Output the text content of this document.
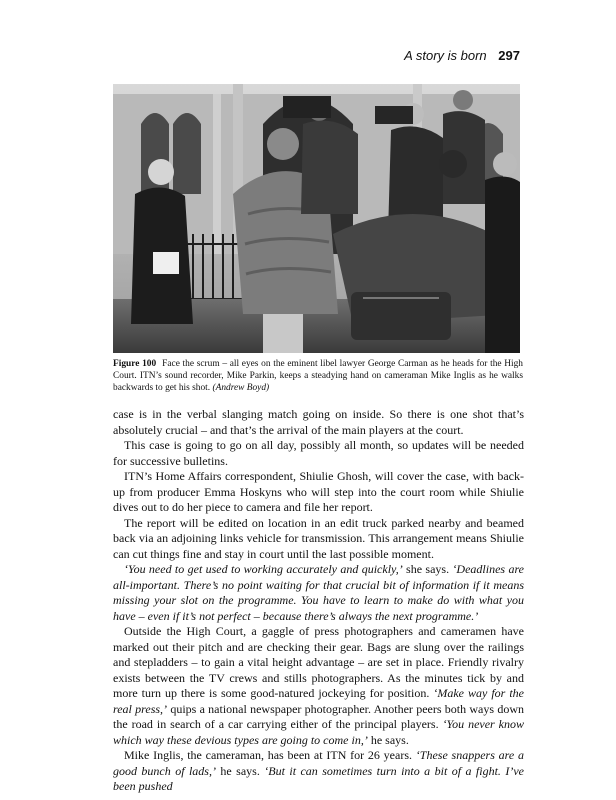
A story is born 297
Figure 100 Face the scrum – all eyes on the eminent libel lawyer George Carman as he heads for the High Court. ITN’s sound recorder, Mike Parkin, keeps a steadying hand on cameraman Mike Inglis as he walks backwards to get his shot. (Andrew Boyd)

case is in the verbal slanging match going on inside. So there is one shot that’s absolutely crucial – and that’s the arrival of the main players at the court.

This case is going to go on all day, possibly all month, so updates will be needed for successive bulletins.

ITN’s Home Affairs correspondent, Shiulie Ghosh, will cover the case, with back-up from producer Emma Hoskyns who will step into the court room while Shiulie dives out to do her piece to camera and file her report.

The report will be edited on location in an edit truck parked nearby and beamed back via an adjoining links vehicle for transmission. This arrangement means Shiulie can cut things fine and stay in court until the last possible moment.

‘You need to get used to working accurately and quickly,’ she says. ‘Deadlines are all-important. There’s no point waiting for that crucial bit of information if it means missing your slot on the programme. You have to learn to make do with what you have – even if it’s not perfect – because there’s always the next programme.’

Outside the High Court, a gaggle of press photographers and cameramen have marked out their pitch and are checking their gear. Bags are slung over the railings and stepladders – to gain a vital height advantage – are set in place. Friendly rivalry exists between the TV crews and stills photographers. As the minutes tick by and more turn up there is some good-natured jockeying for position. ‘Make way for the real press,’ quips a national newspaper photographer. Another peers both ways down the road in search of a car carrying either of the principal players. ‘You never know which way these devious types are going to come in,’ he says.

Mike Inglis, the cameraman, has been at ITN for 26 years. ‘These snappers are a good bunch of lads,’ he says. ‘But it can sometimes turn into a bit of a fight. I’ve been pushed
